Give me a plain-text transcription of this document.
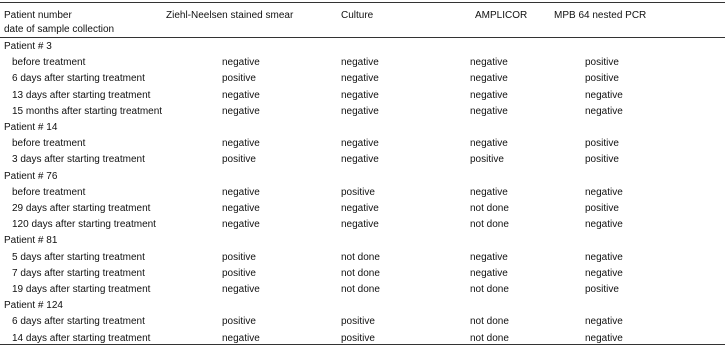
Patient number
date of sample collection
Ziehl-Neelsen stained smear	Culture	AMPLICOR	MPB 64 nested PCR
Patient # 3
before treatment	negative	negative	negative	positive
6 days after starting treatment	positive	negative	negative	positive
13 days after starting treatment	negative	negative	negative	negative
15 months after starting treatment	negative	negative	negative	negative
Patient # 14
before treatment	negative	negative	negative	positive
3 days after starting treatment	positive	negative	positive	positive
Patient # 76
before treatment	negative	positive	negative	negative
29 days after starting treatment	negative	negative	not done	positive
120 days after starting treatment	negative	negative	not done	negative
Patient # 81
5 days after starting treatment	positive	not done	negative	negative
7 days after starting treatment	positive	not done	negative	negative
19 days after starting treatment	negative	not done	not done	positive
Patient # 124
6 days after starting treatment	positive	positive	not done	negative
14 days after starting treatment	negative	positive	not done	negative
